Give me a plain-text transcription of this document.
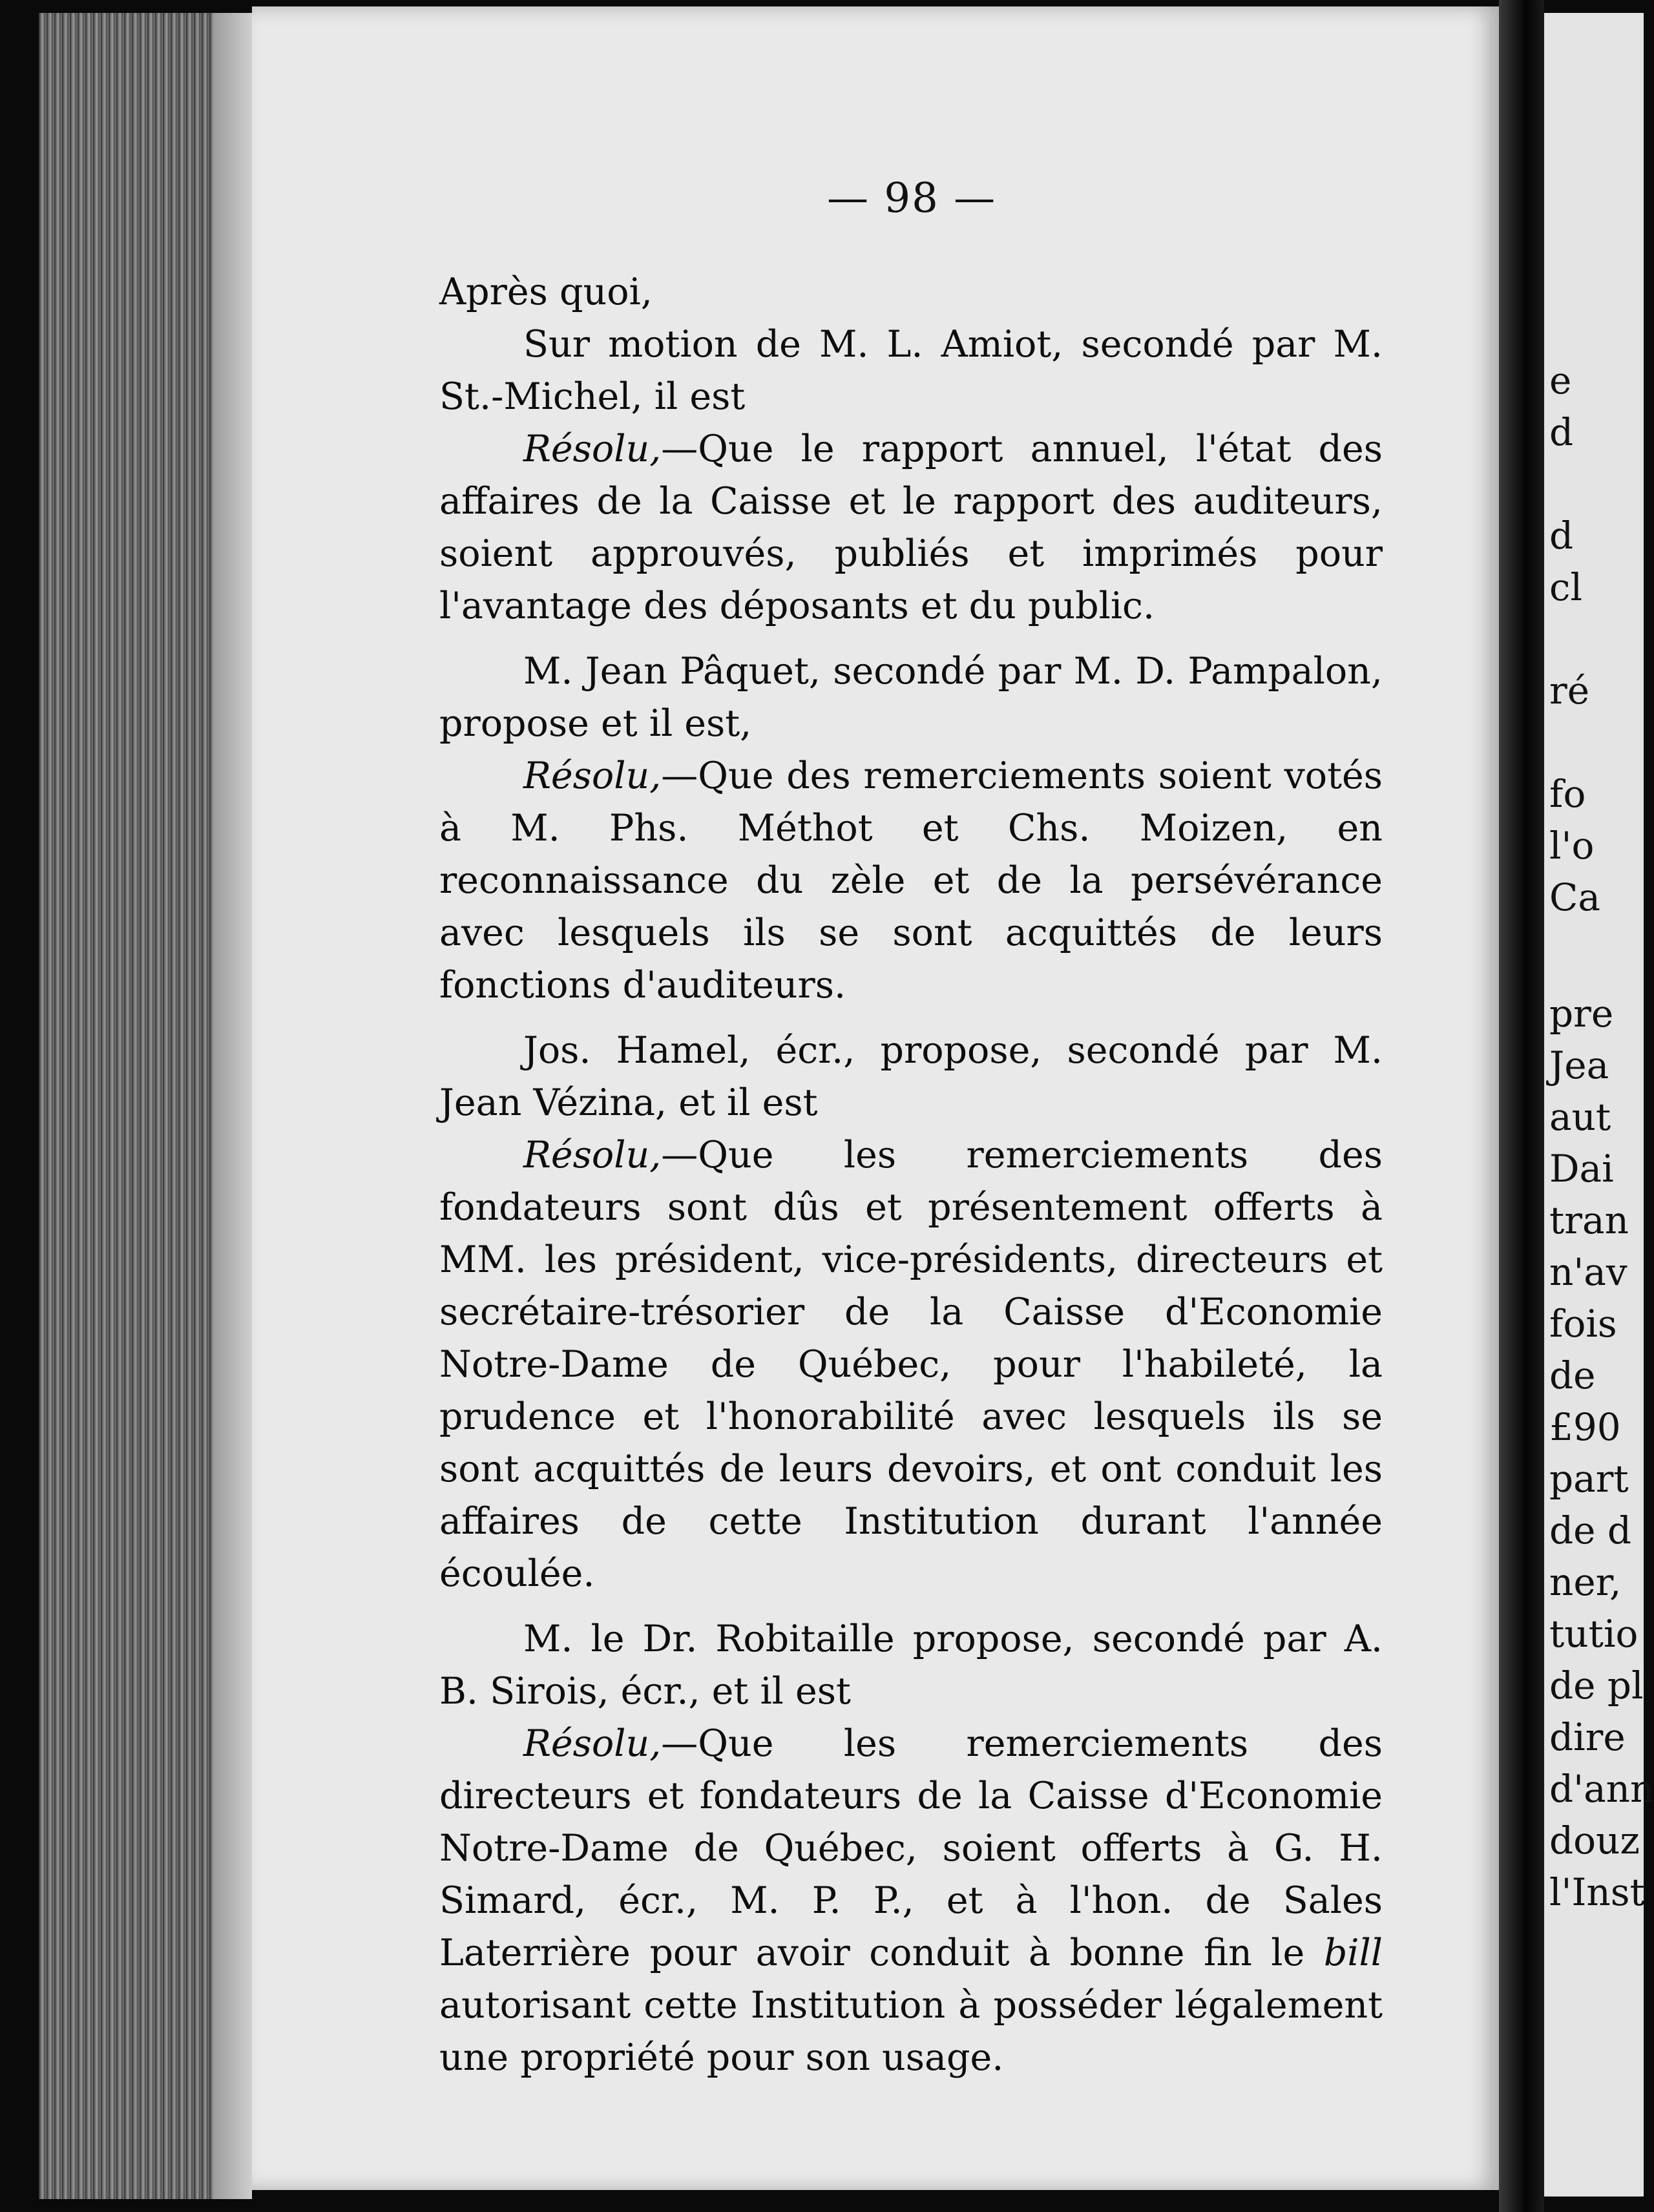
— 98 —

Après quoi,

Sur motion de M. L. Amiot, secondé par M. St.-Michel, il est

Résolu,—Que le rapport annuel, l'état des affaires de la Caisse et le rapport des auditeurs, soient approuvés, publiés et imprimés pour l'avantage des déposants et du public.

M. Jean Pâquet, secondé par M. D. Pampalon, propose et il est,

Résolu,—Que des remerciements soient votés à M. Phs. Méthot et Chs. Moizen, en reconnaissance du zèle et de la persévérance avec lesquels ils se sont acquittés de leurs fonctions d'auditeurs.

Jos. Hamel, écr., propose, secondé par M. Jean Vézina, et il est

Résolu,—Que les remerciements des fondateurs sont dûs et présentement offerts à MM. les président, vice-présidents, directeurs et secrétaire-trésorier de la Caisse d'Economie Notre-Dame de Québec, pour l'habileté, la prudence et l'honorabilité avec lesquels ils se sont acquittés de leurs devoirs, et ont conduit les affaires de cette Institution durant l'année écoulée.

M. le Dr. Robitaille propose, secondé par A. B. Sirois, écr., et il est

Résolu,—Que les remerciements des directeurs et fondateurs de la Caisse d'Economie Notre-Dame de Québec, soient offerts à G. H. Simard, écr., M. P. P., et à l'hon. de Sales Laterrière pour avoir conduit à bonne fin le bill autorisant cette Institution à posséder légalement une propriété pour son usage.

e
d
d
cl
ré
fo
l'o
Ca
pre
Jea
aut
Dai
tran
n'av
fois
de
£90
part
de d
ner,
tutio
de pl
dire
d'ann
douz
l'Inst
